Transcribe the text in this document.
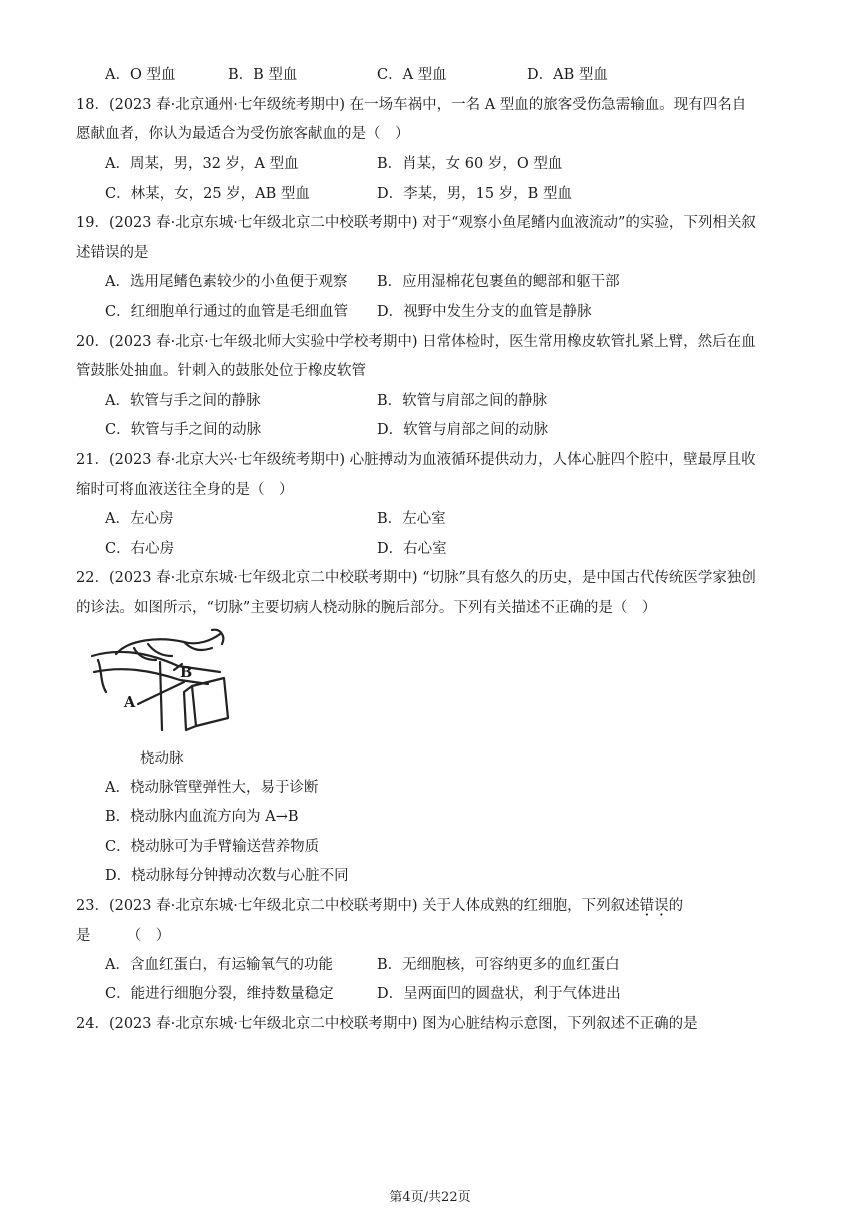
A．O 型血	B．B 型血	C．A 型血	D．AB 型血
18．(2023 春·北京通州·七年级统考期中) 在一场车祸中，一名 A 型血的旅客受伤急需输血。现有四名自
愿献血者，你认为最适合为受伤旅客献血的是（　）
A．周某，男，32 岁，A 型血	B．肖某，女 60 岁，O 型血
C．林某，女，25 岁，AB 型血	D．李某，男，15 岁，B 型血
19．(2023 春·北京东城·七年级北京二中校联考期中) 对于“观察小鱼尾鳍内血液流动”的实验，下列相关叙
述错误的是
A．选用尾鳍色素较少的小鱼便于观察 B．应用湿棉花包裹鱼的鳃部和躯干部
C．红细胞单行通过的血管是毛细血管 D．视野中发生分支的血管是静脉
20．(2023 春·北京·七年级北师大实验中学校考期中) 日常体检时，医生常用橡皮软管扎紧上臂，然后在血
管鼓胀处抽血。针刺入的鼓胀处位于橡皮软管
A．软管与手之间的静脉	B．软管与肩部之间的静脉
C．软管与手之间的动脉	D．软管与肩部之间的动脉
21．(2023 春·北京大兴·七年级统考期中) 心脏搏动为血液循环提供动力，人体心脏四个腔中，壁最厚且收
缩时可将血液送往全身的是（　）
A．左心房	B．左心室
C．右心房	D．右心室
22．(2023 春·北京东城·七年级北京二中校联考期中) “切脉”具有悠久的历史，是中国古代传统医学家独创
的诊法。如图所示，“切脉”主要切病人桡动脉的腕后部分。下列有关描述不正确的是（　）
B
A
桡动脉
A．桡动脉管壁弹性大，易于诊断
B．桡动脉内血流方向为 A→B
C．桡动脉可为手臂输送营养物质
D．桡动脉每分钟搏动次数与心脏不同
23．(2023 春·北京东城·七年级北京二中校联考期中) 关于人体成熟的红细胞，下列叙述错误的
是　　　（　）
A．含血红蛋白，有运输氧气的功能	B．无细胞核，可容纳更多的血红蛋白
C．能进行细胞分裂，维持数量稳定	D．呈两面凹的圆盘状，利于气体进出
24．(2023 春·北京东城·七年级北京二中校联考期中) 图为心脏结构示意图，下列叙述不正确的是
第4页/共22页
